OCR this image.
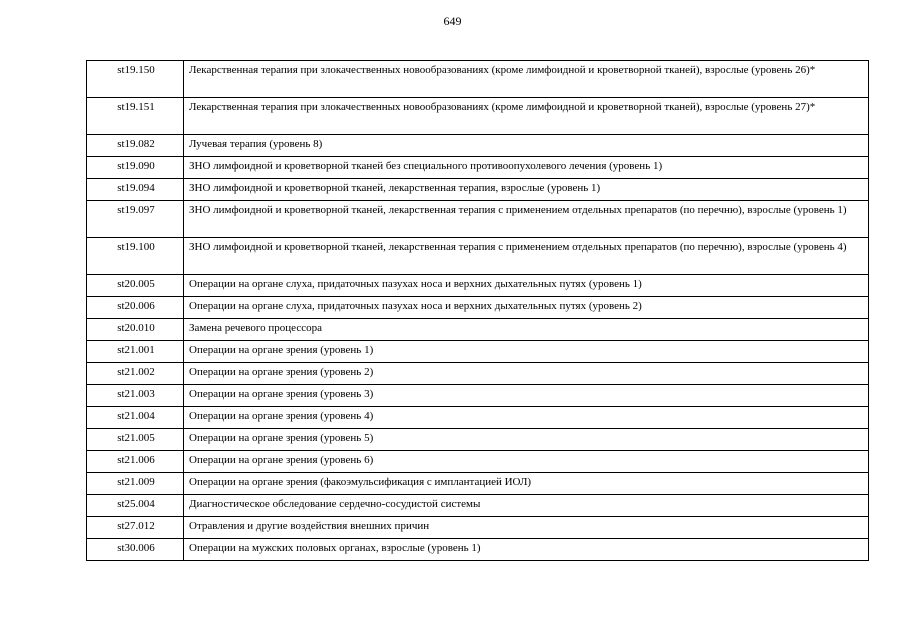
649
st19.150	Лекарственная терапия при злокачественных новообразованиях (кроме лимфоидной и кроветворной тканей), взрослые (уровень 26)*
st19.151	Лекарственная терапия при злокачественных новообразованиях (кроме лимфоидной и кроветворной тканей), взрослые (уровень 27)*
st19.082	Лучевая терапия (уровень 8)
st19.090	ЗНО лимфоидной и кроветворной тканей без специального противоопухолевого лечения (уровень 1)
st19.094	ЗНО лимфоидной и кроветворной тканей, лекарственная терапия, взрослые (уровень 1)
st19.097	ЗНО лимфоидной и кроветворной тканей, лекарственная терапия с применением отдельных препаратов (по перечню), взрослые (уровень 1)
st19.100	ЗНО лимфоидной и кроветворной тканей, лекарственная терапия с применением отдельных препаратов (по перечню), взрослые (уровень 4)
st20.005	Операции на органе слуха, придаточных пазухах носа и верхних дыхательных путях (уровень 1)
st20.006	Операции на органе слуха, придаточных пазухах носа и верхних дыхательных путях (уровень 2)
st20.010	Замена речевого процессора
st21.001	Операции на органе зрения (уровень 1)
st21.002	Операции на органе зрения (уровень 2)
st21.003	Операции на органе зрения (уровень 3)
st21.004	Операции на органе зрения (уровень 4)
st21.005	Операции на органе зрения (уровень 5)
st21.006	Операции на органе зрения (уровень 6)
st21.009	Операции на органе зрения (факоэмульсификация с имплантацией ИОЛ)
st25.004	Диагностическое обследование сердечно-сосудистой системы
st27.012	Отравления и другие воздействия внешних причин
st30.006	Операции на мужских половых органах, взрослые (уровень 1)
